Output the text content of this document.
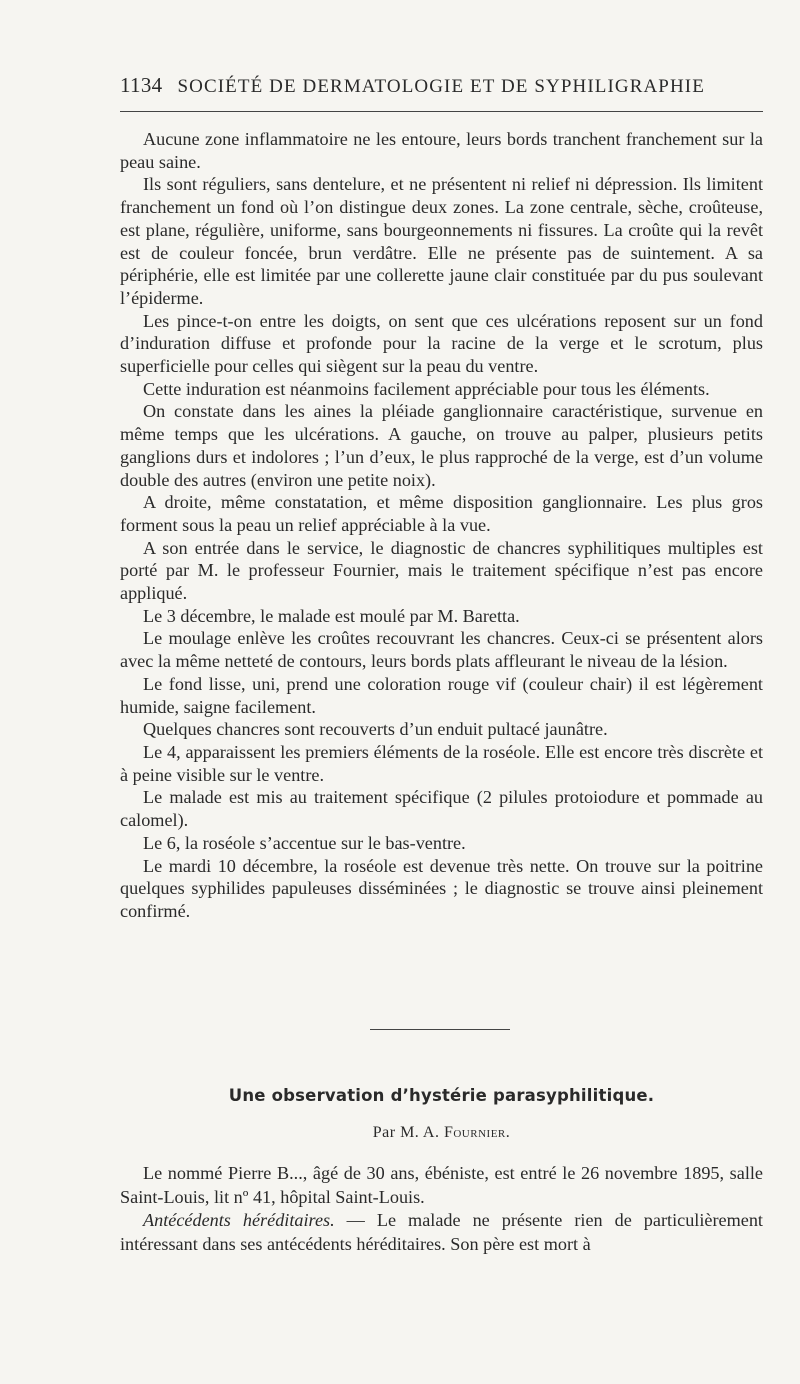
1134 SOCIÉTÉ DE DERMATOLOGIE ET DE SYPHILIGRAPHIE

Aucune zone inflammatoire ne les entoure, leurs bords tranchent franchement sur la peau saine.

Ils sont réguliers, sans dentelure, et ne présentent ni relief ni dépression. Ils limitent franchement un fond où l’on distingue deux zones. La zone centrale, sèche, croûteuse, est plane, régulière, uniforme, sans bourgeonnements ni fissures. La croûte qui la revêt est de couleur foncée, brun verdâtre. Elle ne présente pas de suintement. A sa périphérie, elle est limitée par une collerette jaune clair constituée par du pus soulevant l’épiderme.

Les pince-t-on entre les doigts, on sent que ces ulcérations reposent sur un fond d’induration diffuse et profonde pour la racine de la verge et le scrotum, plus superficielle pour celles qui siègent sur la peau du ventre.

Cette induration est néanmoins facilement appréciable pour tous les éléments.

On constate dans les aines la pléiade ganglionnaire caractéristique, survenue en même temps que les ulcérations. A gauche, on trouve au palper, plusieurs petits ganglions durs et indolores ; l’un d’eux, le plus rapproché de la verge, est d’un volume double des autres (environ une petite noix).

A droite, même constatation, et même disposition ganglionnaire. Les plus gros forment sous la peau un relief appréciable à la vue.

A son entrée dans le service, le diagnostic de chancres syphilitiques multiples est porté par M. le professeur Fournier, mais le traitement spécifique n’est pas encore appliqué.

Le 3 décembre, le malade est moulé par M. Baretta.

Le moulage enlève les croûtes recouvrant les chancres. Ceux-ci se présentent alors avec la même netteté de contours, leurs bords plats affleurant le niveau de la lésion.

Le fond lisse, uni, prend une coloration rouge vif (couleur chair) il est légèrement humide, saigne facilement.

Quelques chancres sont recouverts d’un enduit pultacé jaunâtre.

Le 4, apparaissent les premiers éléments de la roséole. Elle est encore très discrète et à peine visible sur le ventre.

Le malade est mis au traitement spécifique (2 pilules protoiodure et pommade au calomel).

Le 6, la roséole s’accentue sur le bas-ventre.

Le mardi 10 décembre, la roséole est devenue très nette. On trouve sur la poitrine quelques syphilides papuleuses disséminées ; le diagnostic se trouve ainsi pleinement confirmé.

Une observation d’hystérie parasyphilitique.
Par M. A. Fournier.

Le nommé Pierre B..., âgé de 30 ans, ébéniste, est entré le 26 novembre 1895, salle Saint-Louis, lit nº 41, hôpital Saint-Louis.

Antécédents héréditaires. — Le malade ne présente rien de particulièrement intéressant dans ses antécédents héréditaires. Son père est mort à
